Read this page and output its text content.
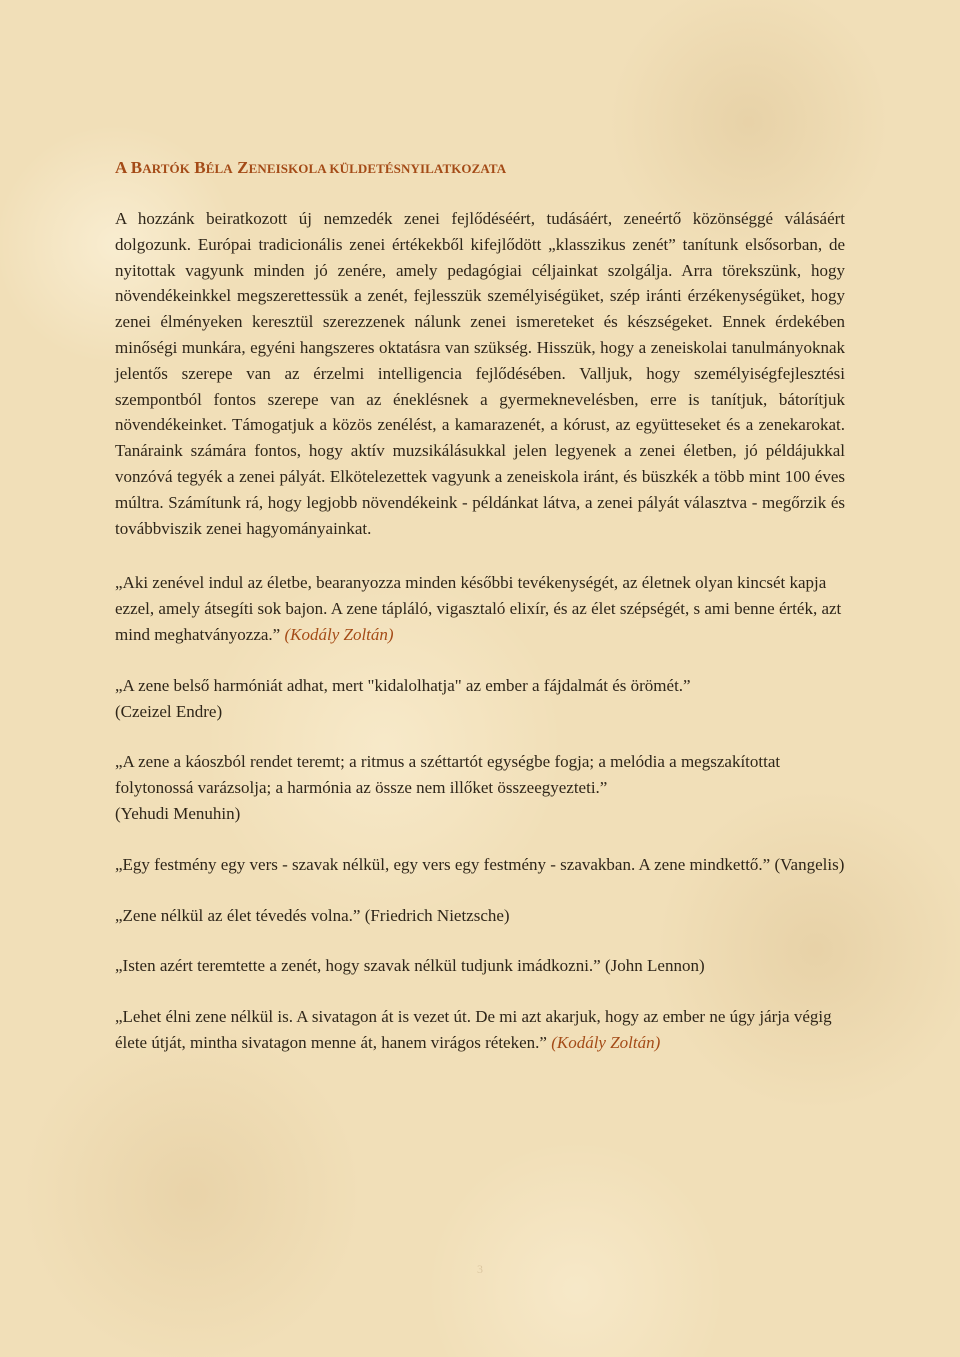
A BARTÓK BÉLA ZENEISKOLA KÜLDETÉSNYILATKOZATA

A hozzánk beiratkozott új nemzedék zenei fejlődéséért, tudásáért, zeneértő közönséggé válásáért dolgozunk. Európai tradicionális zenei értékekből kifejlődött „klasszikus zenét” tanítunk elsősorban, de nyitottak vagyunk minden jó zenére, amely pedagógiai céljainkat szolgálja. Arra törekszünk, hogy növendékeinkkel megszerettessük a zenét, fejlesszük személyiségüket, szép iránti érzékenységüket, hogy zenei élményeken keresztül szerezzenek nálunk zenei ismereteket és készségeket. Ennek érdekében minőségi munkára, egyéni hangszeres oktatásra van szükség. Hisszük, hogy a zeneiskolai tanulmányoknak jelentős szerepe van az érzelmi intelligencia fejlődésében. Valljuk, hogy személyiségfejlesztési szempontból fontos szerepe van az éneklésnek a gyermeknevelésben, erre is tanítjuk, bátorítjuk növendékeinket. Támogatjuk a közös zenélést, a kamarazenét, a kórust, az együtteseket és a zenekarokat. Tanáraink számára fontos, hogy aktív muzsikálásukkal jelen legyenek a zenei életben, jó példájukkal vonzóvá tegyék a zenei pályát. Elkötelezettek vagyunk a zeneiskola iránt, és büszkék a több mint 100 éves múltra. Számítunk rá, hogy legjobb növendékeink - példánkat látva, a zenei pályát választva - megőrzik és továbbviszik zenei hagyományainkat.

„Aki zenével indul az életbe, bearanyozza minden későbbi tevékenységét, az életnek olyan kincsét kapja ezzel, amely átsegíti sok bajon. A zene tápláló, vigasztaló elixír, és az élet szépségét, s ami benne érték, azt mind meghatványozza.” (Kodály Zoltán)

„A zene belső harmóniát adhat, mert "kidalolhatja" az ember a fájdalmát és örömét.”
(Czeizel Endre)

„A zene a káoszból rendet teremt; a ritmus a széttartót egységbe fogja; a melódia a megszakítottat folytonossá varázsolja; a harmónia az össze nem illőket összeegyezteti.”
(Yehudi Menuhin)

„Egy festmény egy vers - szavak nélkül, egy vers egy festmény - szavakban. A zene mindkettő.” (Vangelis)

„Zene nélkül az élet tévedés volna.” (Friedrich Nietzsche)

„Isten azért teremtette a zenét, hogy szavak nélkül tudjunk imádkozni.” (John Lennon)

„Lehet élni zene nélkül is. A sivatagon át is vezet út. De mi azt akarjuk, hogy az ember ne úgy járja végig élete útját, mintha sivatagon menne át, hanem virágos réteken.” (Kodály Zoltán)

3
